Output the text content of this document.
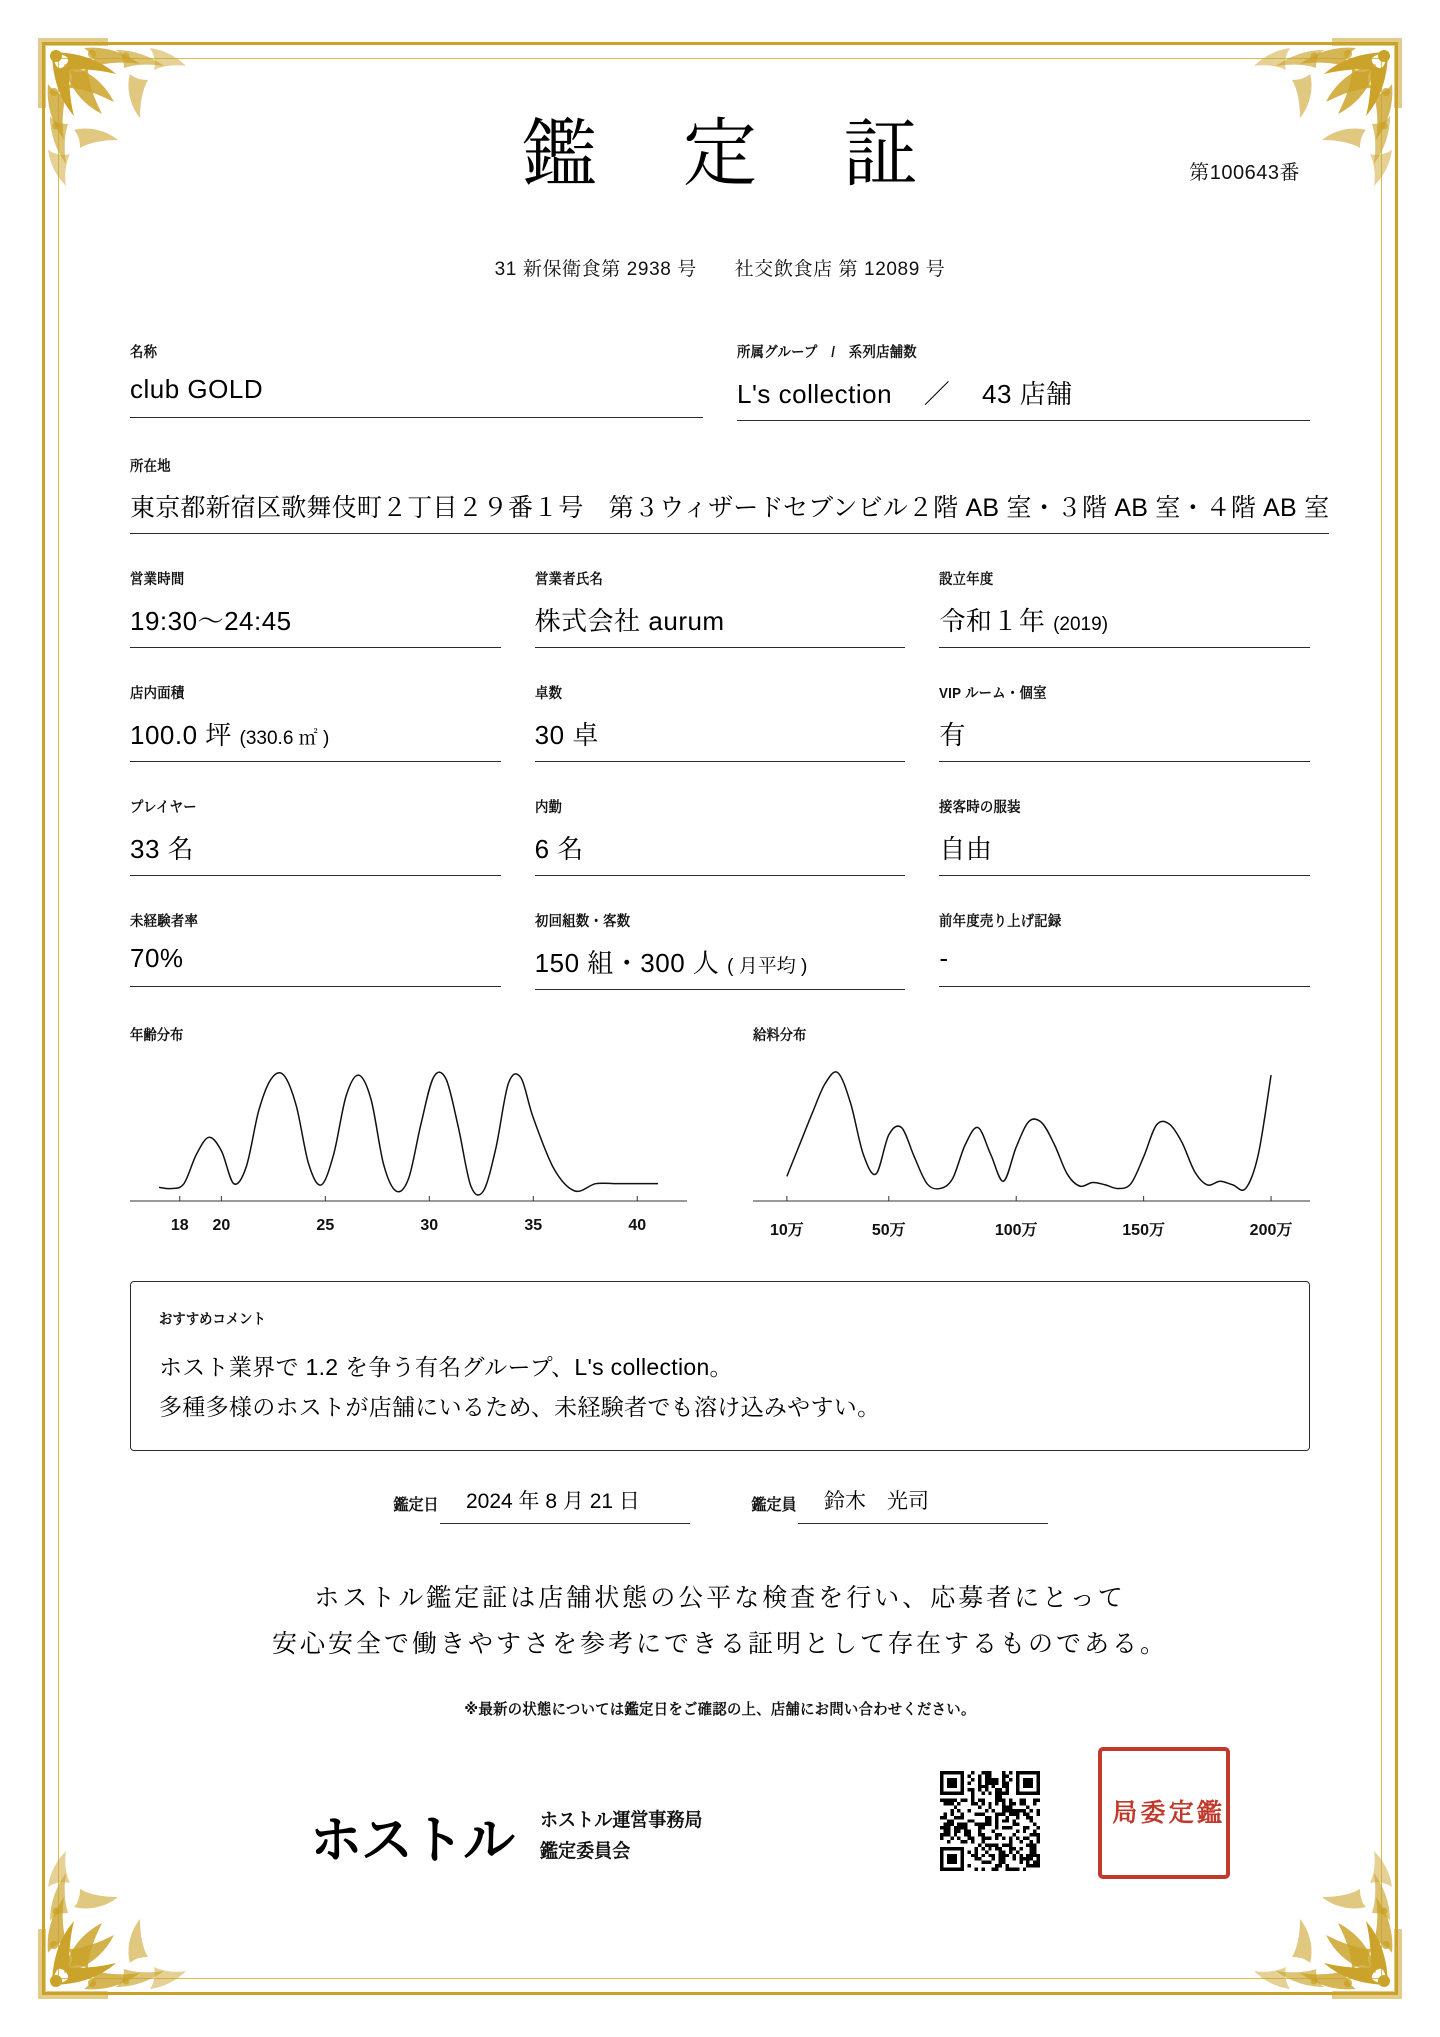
鑑 定 証	第100643番
31 新保衛食第 2938 号 社交飲食店 第 12089 号
名称
club GOLD
所属グループ　/　系列店舗数
L's collection ／ 43 店舗
所在地
東京都新宿区歌舞伎町２丁目２９番１号　第３ウィザードセブンビル２階 AB 室・３階 AB 室・４階 AB 室
営業時間
19:30〜24:45
営業者氏名
株式会社 aurum
設立年度
令和１年 (2019)
店内面積
100.0 坪 (330.6 ㎡ )
卓数
30 卓
VIP ルーム・個室
有
プレイヤー
33 名
内勤
6 名
接客時の服装
自由
未経験者率
70%
初回組数・客数
150 組・300 人 ( 月平均 )
前年度売り上げ記録
-
年齢分布
18 20	25	30	35	40
給料分布
10万	50万	100万	150万	200万
おすすめコメント
ホスト業界で 1.2 を争う有名グループ、L's collection。
多種多様のホストが店舗にいるため、未経験者でも溶け込みやすい。
鑑定日	2024 年 8 月 21 日	鑑定員	鈴木　光司
ホストル鑑定証は店舗状態の公平な検査を行い、応募者にとって
安心安全で働きやすさを参考にできる証明として存在するものである。
※最新の状態については鑑定日をご確認の上、店舗にお問い合わせください。
ホストル ホストル運営事務局
鑑定委員会
局 委 定 鑑
